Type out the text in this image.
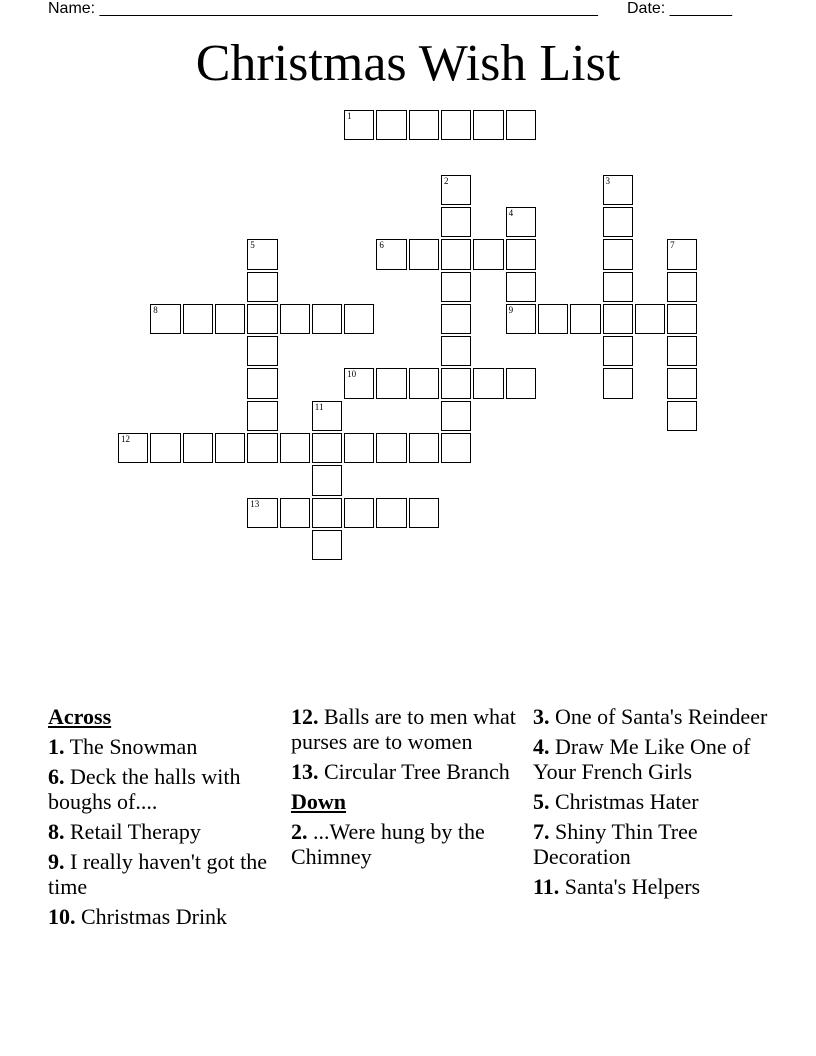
Name: ________________________________________________________ Date: _______
Christmas Wish List
1
6
8	9
10
12
13
2	3
4
5	7
11
Across
1. The Snowman
6. Deck the halls with boughs of....
8. Retail Therapy
9. I really haven't got the time
10. Christmas Drink
12. Balls are to men what purses are to women
13. Circular Tree Branch
Down
2. ...Were hung by the Chimney
3. One of Santa's Reindeer
4. Draw Me Like One of Your French Girls
5. Christmas Hater
7. Shiny Thin Tree Decoration
11. Santa's Helpers
